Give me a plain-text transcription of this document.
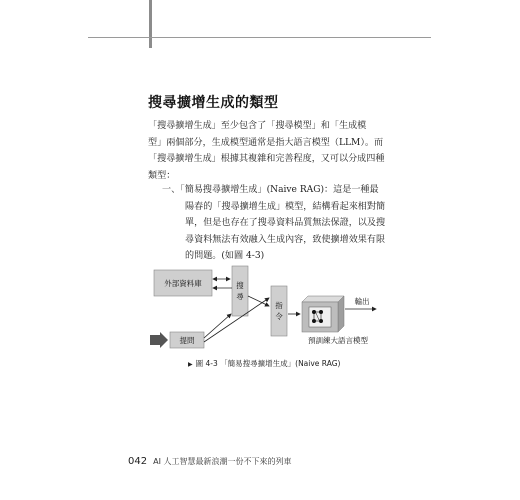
搜尋擴增生成的類型
「搜尋擴增生成」至少包含了「搜尋模型」和「生成模
型」兩個部分，生成模型通常是指大語言模型（LLM）。而
「搜尋擴增生成」根據其複雜和完善程度，又可以分成四種
類型：
一、「簡易搜尋擴增生成」(Naive RAG)：這是一種最
陽春的「搜尋擴增生成」模型，結構看起來相對簡
單，但是也存在了搜尋資料品質無法保證，以及搜
尋資料無法有效融入生成內容，致使擴增效果有限
的問題。(如圖 4-3)
外部資料庫	搜
尋
指
令
預訓練大語言模型
輸出
提問
▶ 圖 4-3 「簡易搜尋擴增生成」(Naive RAG)
042 AI 人工智慧最新浪潮一份不下來的列車
